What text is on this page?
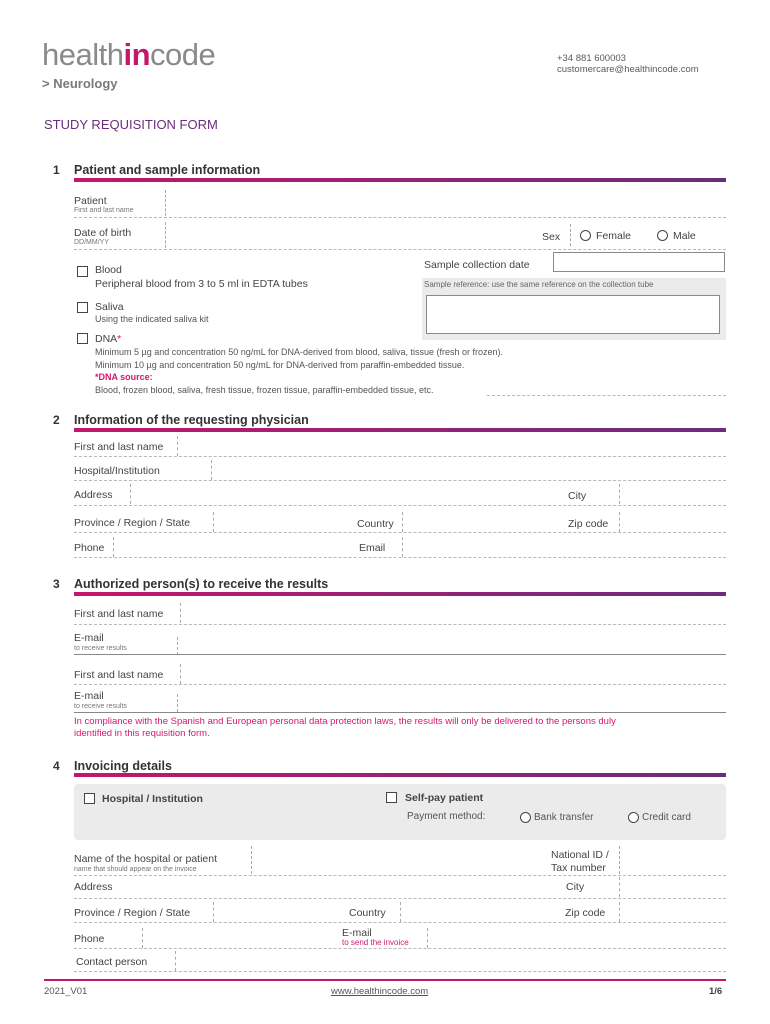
healthincode
> Neurology
+34 881 600003
customercare@healthincode.com
STUDY REQUISITION FORM
1 Patient and sample information
Patient
First and last name
Date of birth
DD/MM/YY	Sex	Female	Male
Blood
Peripheral blood from 3 to 5 ml in EDTA tubes
Sample collection date
Sample reference: use the same reference on the collection tube
Saliva
Using the indicated saliva kit
DNA*
Minimum 5 µg and concentration 50 ng/mL for DNA-derived from blood, saliva, tissue (fresh or frozen).
Minimum 10 µg and concentration 50 ng/mL for DNA-derived from paraffin-embedded tissue.
*DNA source:
Blood, frozen blood, saliva, fresh tissue, frozen tissue, paraffin-embedded tissue, etc.
2 Information of the requesting physician
First and last name
Hospital/Institution
Address	City
Province / Region / State	Country	Zip code
Phone	Email
3 Authorized person(s) to receive the results
First and last name
E-mail
to receive results
First and last name
E-mail
to receive results
In compliance with the Spanish and European personal data protection laws, the results will only be delivered to the persons duly
identified in this requisition form.
4 Invoicing details
Hospital / Institution	Self-pay patient
Payment method:	Bank transfer	Credit card
Name of the hospital or patient
name that should appear on the invoice
National ID /
Tax number
Address	City
Province / Region / State	Country	Zip code
Phone	E-mail
to send the invoice
Contact person
2021_V01	www.healthincode.com	1/6
